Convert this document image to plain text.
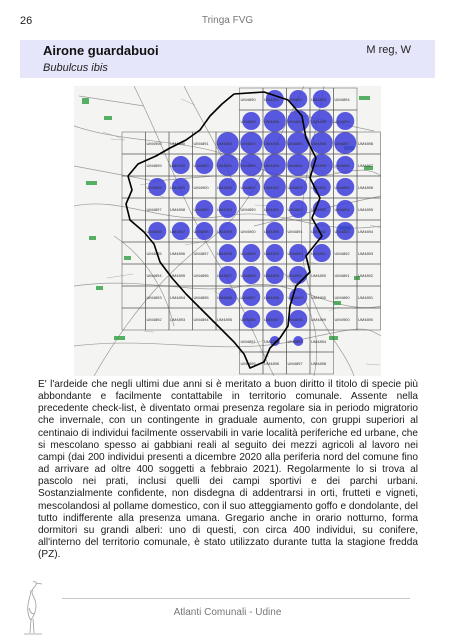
26	Tringa FVG
Airone guardabuoi	M reg, W
Bubulcus ibis
UM4890 UM4891 UM4892 UM4893 UM4894
UM4895 UM4896 UM4897 UM4898 UM4899
UM4900 UM4890 UM4891 UM4892 UM4893 UM4894 UM4895 UM4896 UM4897 UM4898
UM4899 UM4900 UM4890 UM4891 UM4892 UM4893 UM4894 UM4895 UM4896 UM4897
UM4898 UM4899 UM4900 UM4890 UM4891 UM4892 UM4893 UM4894 UM4895 UM4896
UM4897 UM4898 UM4899 UM4900 UM4890 UM4891 UM4892 UM4893 UM4894 UM4895
UM4896 UM4897 UM4898 UM4899 UM4900 UM4890 UM4891 UM4892 UM4893 UM4894
UM4895 UM4896 UM4897 UM4898 UM4899 UM4900 UM4890 UM4891 UM4892 UM4893
UM4894 UM4895 UM4896 UM4897 UM4898 UM4899 UM4900 UM4890 UM4891 UM4892
UM4893 UM4894 UM4895 UM4896 UM4897 UM4898 UM4899 UM4900 UM4890 UM4891
UM4892 UM4893 UM4894 UM4895 UM4896 UM4897 UM4898 UM4899 UM4900 UM4890
UM4891 UM4892 UM4893 UM4894
UM4895 UM4896 UM4897 UM4898
E' l'ardeide che negli ultimi due anni si è meritato a buon diritto il titolo di specie più abbondante e facilmente contattabile in territorio comunale. Assente nella precedente check-list, è diventato ormai presenza regolare sia in periodo migratorio che invernale, con un contingente in graduale aumento, con gruppi superiori al centinaio di individui facilmente osservabili in varie località periferiche ed urbane, che si mescolano spesso ai gabbiani reali al seguito dei mezzi agricoli al lavoro nei campi (dai 200 individui presenti a dicembre 2020 alla periferia nord del comune fino ad arrivare ad oltre 400 soggetti a febbraio 2021). Regolarmente lo si trova al pascolo nei prati, inclusi quelli dei campi sportivi e dei parchi urbani. Sostanzialmente confidente, non disdegna di addentrarsi in orti, frutteti e vigneti, mescolandosi al pollame domestico, con il suo atteggiamento goffo e dondolante, del tutto indifferente alla presenza umana. Gregario anche in orario notturno, forma dormitori su grandi alberi: uno di questi, con circa 400 individui, su conifere, all'interno del territorio comunale, è stato utilizzato durante tutta la stagione fredda (PZ).
Atlanti Comunali - Udine
